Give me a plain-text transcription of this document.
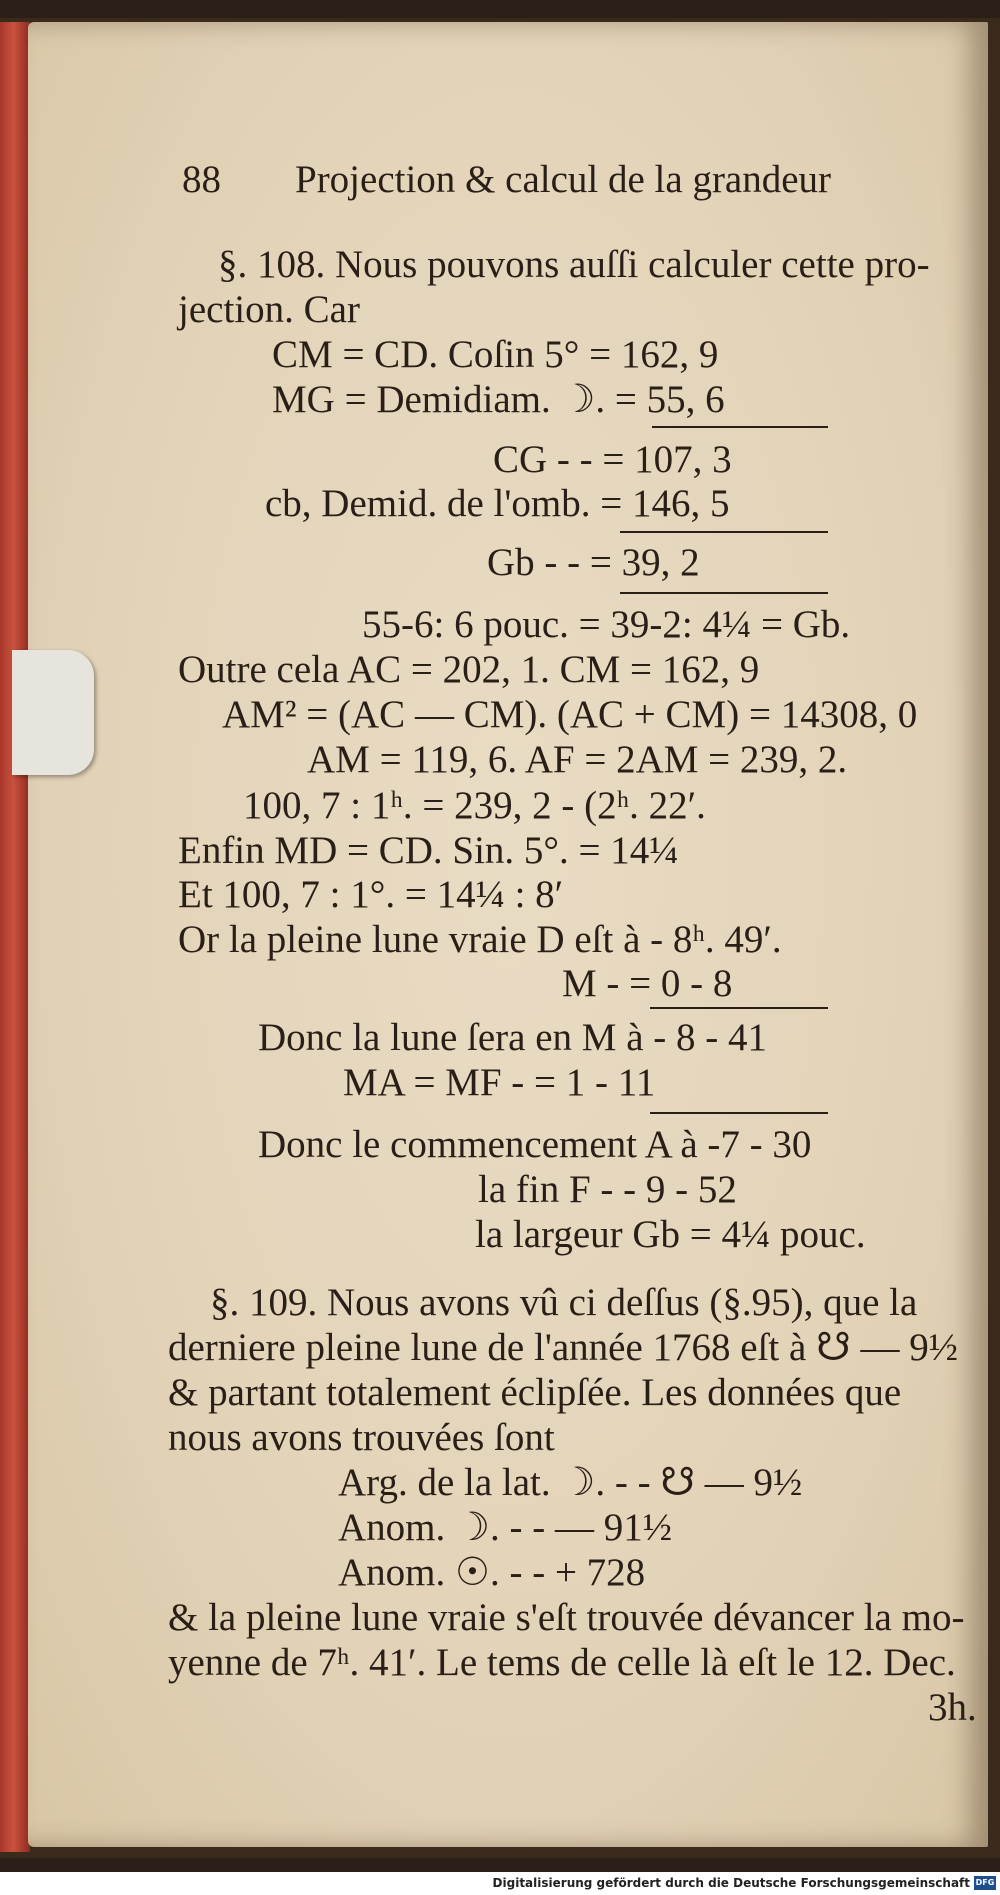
88 Projection & calcul de la grandeur
§. 108. Nous pouvons auſſi calculer cette pro-
jection. Car
CM = CD. Coſin 5° = 162, 9
MG = Demidiam. ☽. = 55, 6
CG - - = 107, 3
cb, Demid. de l'omb. = 146, 5
Gb - - = 39, 2
55-6: 6 pouc. = 39-2: 4¼ = Gb.
Outre cela AC = 202, 1. CM = 162, 9
AM² = (AC — CM). (AC + CM) = 14308, 0
AM = 119, 6. AF = 2AM = 239, 2.
100, 7 : 1ʰ. = 239, 2 - (2ʰ. 22′.
Enfin MD = CD. Sin. 5°. = 14¼
Et 100, 7 : 1°. = 14¼ : 8′
Or la pleine lune vraie D eſt à - 8ʰ. 49′.
M - = 0 - 8
Donc la lune ſera en M à - 8 - 41
MA = MF - = 1 - 11
Donc le commencement A à -7 - 30
la fin F - - 9 - 52
la largeur Gb = 4¼ pouc.
§. 109. Nous avons vû ci deſſus (§.95), que la
derniere pleine lune de l'année 1768 eſt à ☋ — 9½
& partant totalement éclipſée. Les données que
nous avons trouvées ſont
Arg. de la lat. ☽. - - ☋ — 9½
Anom. ☽. - - — 91½
Anom. ☉. - - + 728
& la pleine lune vraie s'eſt trouvée dévancer la mo-
yenne de 7ʰ. 41′. Le tems de celle là eſt le 12. Dec.
3h.
Digitalisierung gefördert durch die Deutsche Forschungsgemeinschaft DFG
